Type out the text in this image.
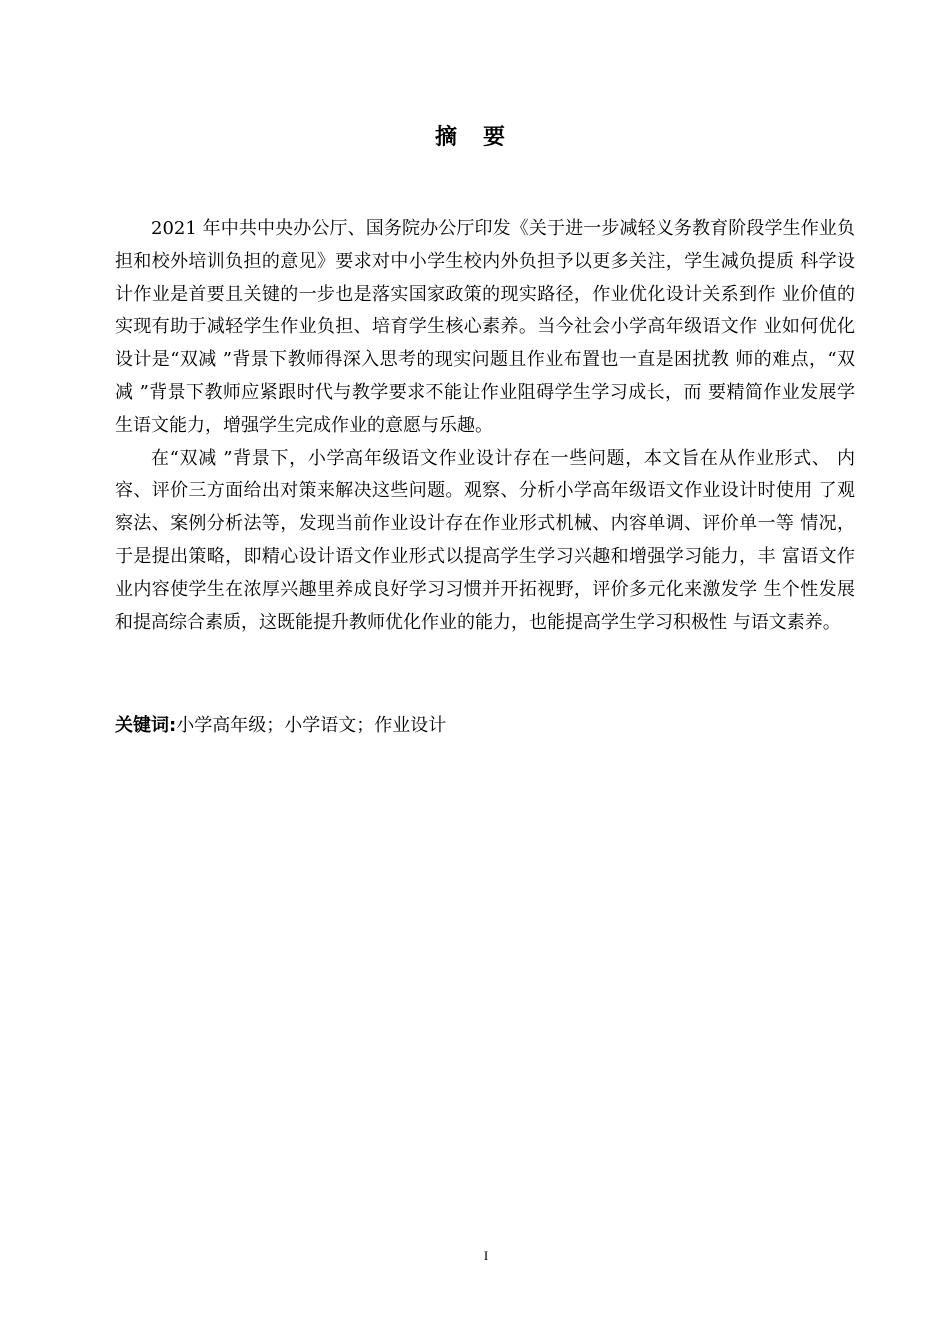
摘要

2021 年中共中央办公厅、国务院办公厅印发《关于进一步减轻义务教育阶段学生作业负担和校外培训负担的意见》要求对中小学生校内外负担予以更多关注，学生减负提质 科学设计作业是首要且关键的一步也是落实国家政策的现实路径，作业优化设计关系到作 业价值的实现有助于减轻学生作业负担、培育学生核心素养。当今社会小学高年级语文作 业如何优化设计是“双减 ”背景下教师得深入思考的现实问题且作业布置也一直是困扰教 师的难点，“双减 ”背景下教师应紧跟时代与教学要求不能让作业阻碍学生学习成长，而 要精简作业发展学生语文能力，增强学生完成作业的意愿与乐趣。

在“双减 ”背景下，小学高年级语文作业设计存在一些问题，本文旨在从作业形式、 内容、评价三方面给出对策来解决这些问题。观察、分析小学高年级语文作业设计时使用 了观察法、案例分析法等，发现当前作业设计存在作业形式机械、内容单调、评价单一等 情况，于是提出策略，即精心设计语文作业形式以提高学生学习兴趣和增强学习能力，丰 富语文作业内容使学生在浓厚兴趣里养成良好学习习惯并开拓视野，评价多元化来激发学 生个性发展和提高综合素质，这既能提升教师优化作业的能力，也能提高学生学习积极性 与语文素养。

关键词:小学高年级；小学语文；作业设计
I
